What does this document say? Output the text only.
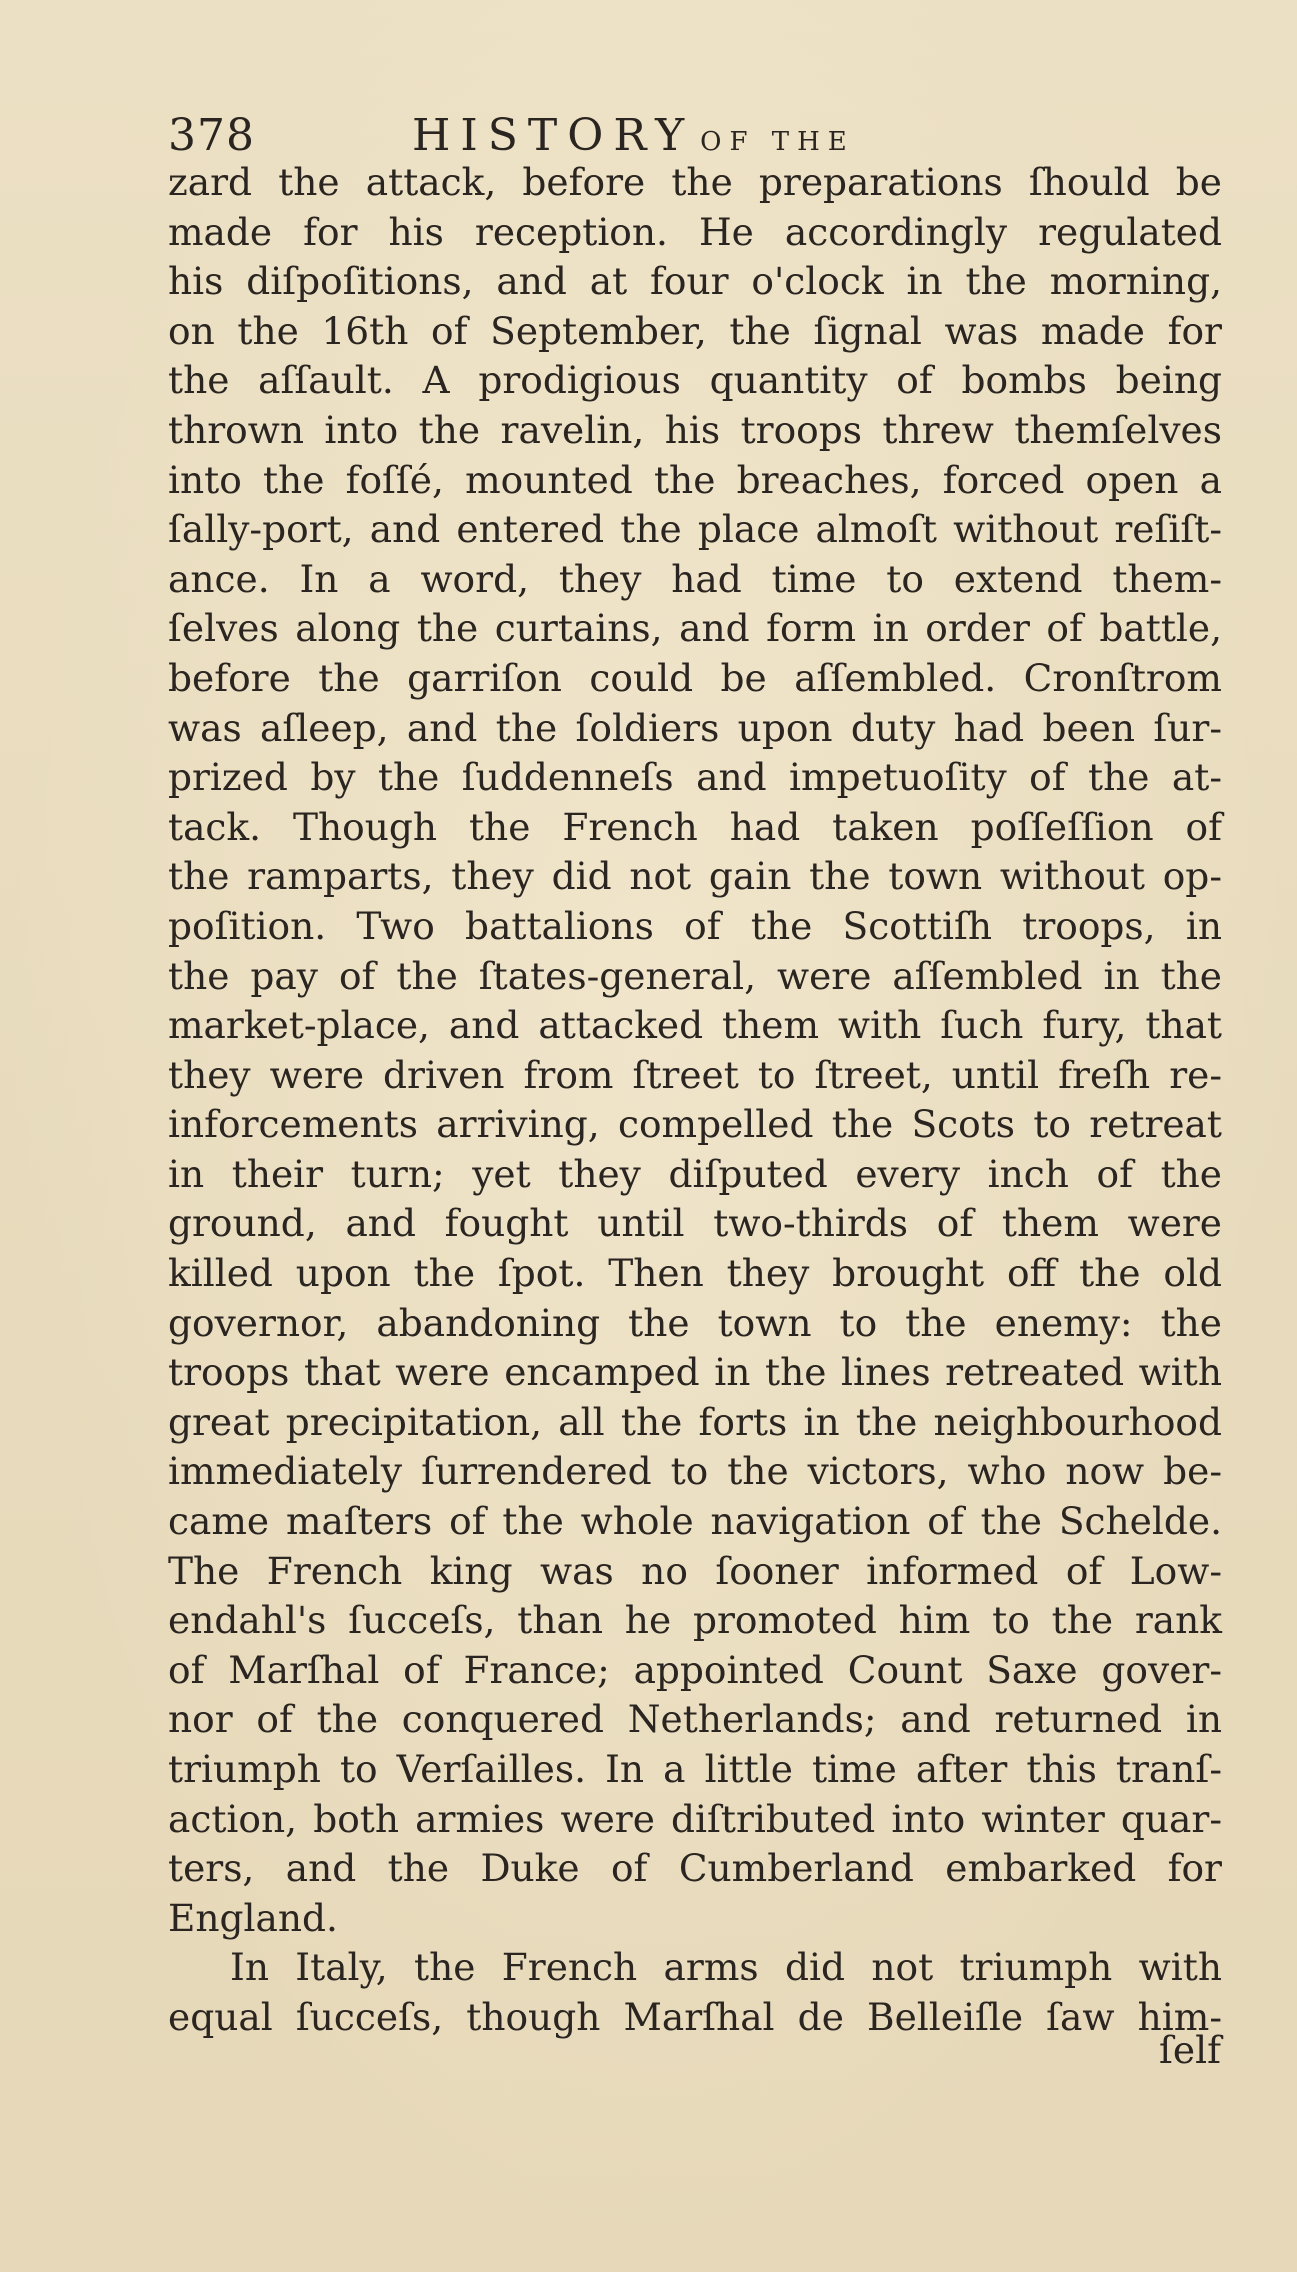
378	HISTORY OF THE
zard the attack, before the preparations ſhould be
made for his reception. He accordingly regulated
his diſpoſitions, and at four o'clock in the morning,
on the 16th of September, the ſignal was made for
the aſſault. A prodigious quantity of bombs being
thrown into the ravelin, his troops threw themſelves
into the foſſé, mounted the breaches, forced open a
ſally-port, and entered the place almoſt without reſiſt-
ance. In a word, they had time to extend them-
ſelves along the curtains, and form in order of battle,
before the garriſon could be aſſembled. Cronſtrom
was aſleep, and the ſoldiers upon duty had been ſur-
prized by the ſuddenneſs and impetuoſity of the at-
tack. Though the French had taken poſſeſſion of
the ramparts, they did not gain the town without op-
poſition. Two battalions of the Scottiſh troops, in
the pay of the ſtates-general, were aſſembled in the
market-place, and attacked them with ſuch fury, that
they were driven from ſtreet to ſtreet, until freſh re-
inforcements arriving, compelled the Scots to retreat
in their turn; yet they diſputed every inch of the
ground, and fought until two-thirds of them were
killed upon the ſpot. Then they brought off the old
governor, abandoning the town to the enemy: the
troops that were encamped in the lines retreated with
great precipitation, all the forts in the neighbourhood
immediately ſurrendered to the victors, who now be-
came maſters of the whole navigation of the Schelde.
The French king was no ſooner informed of Low-
endahl's ſucceſs, than he promoted him to the rank
of Marſhal of France; appointed Count Saxe gover-
nor of the conquered Netherlands; and returned in
triumph to Verſailles. In a little time after this tranſ-
action, both armies were diſtributed into winter quar-
ters, and the Duke of Cumberland embarked for
England.
In Italy, the French arms did not triumph with
equal ſucceſs, though Marſhal de Belleiſle ſaw him-
ſelf
